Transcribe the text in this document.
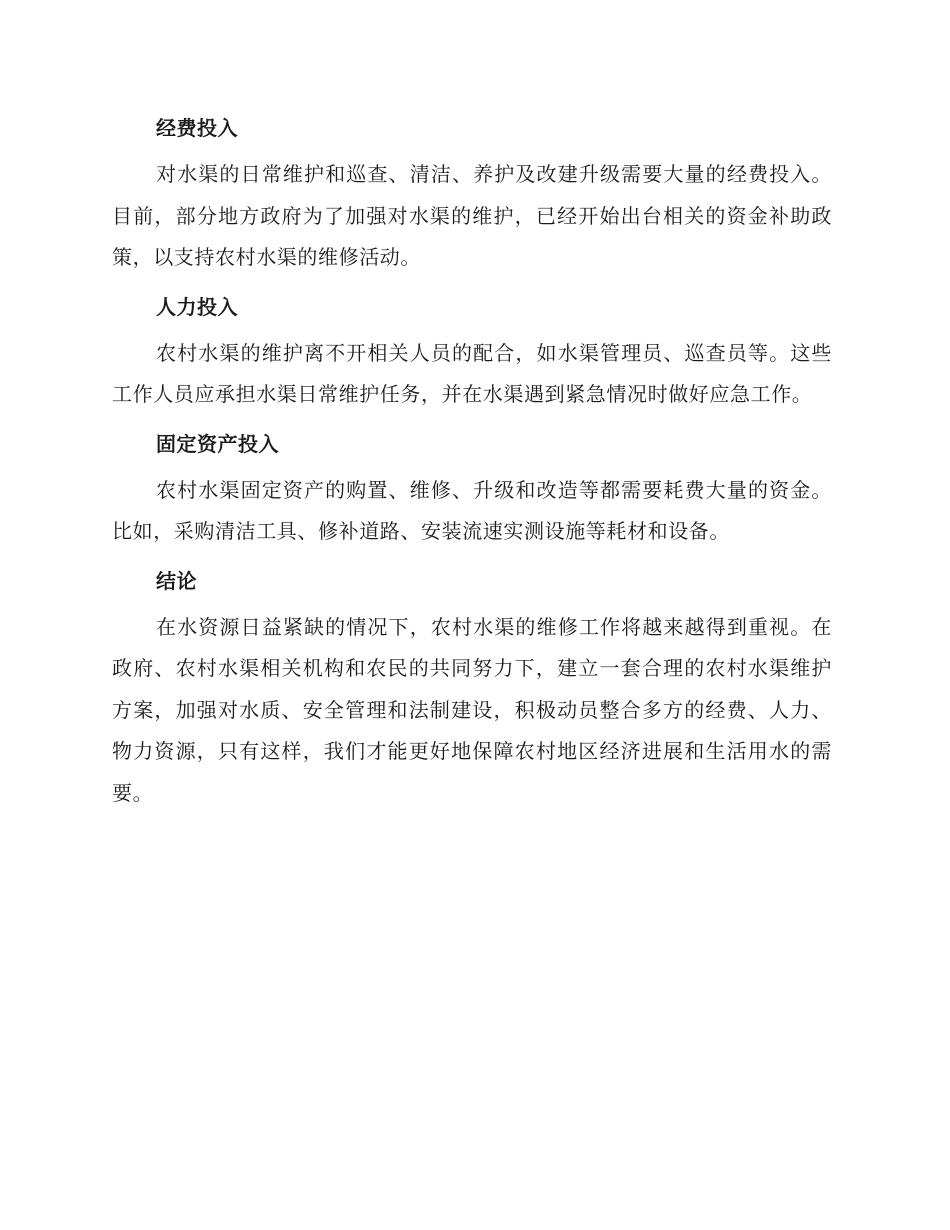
经费投入

对水渠的日常维护和巡查、清洁、养护及改建升级需要大量的经费投入。目前，部分地方政府为了加强对水渠的维护，已经开始出台相关的资金补助政策，以支持农村水渠的维修活动。

人力投入

农村水渠的维护离不开相关人员的配合，如水渠管理员、巡查员等。这些工作人员应承担水渠日常维护任务，并在水渠遇到紧急情况时做好应急工作。

固定资产投入

农村水渠固定资产的购置、维修、升级和改造等都需要耗费大量的资金。比如，采购清洁工具、修补道路、安装流速实测设施等耗材和设备。

结论

在水资源日益紧缺的情况下，农村水渠的维修工作将越来越得到重视。在政府、农村水渠相关机构和农民的共同努力下，建立一套合理的农村水渠维护方案，加强对水质、安全管理和法制建设，积极动员整合多方的经费、人力、物力资源，只有这样，我们才能更好地保障农村地区经济进展和生活用水的需要。
